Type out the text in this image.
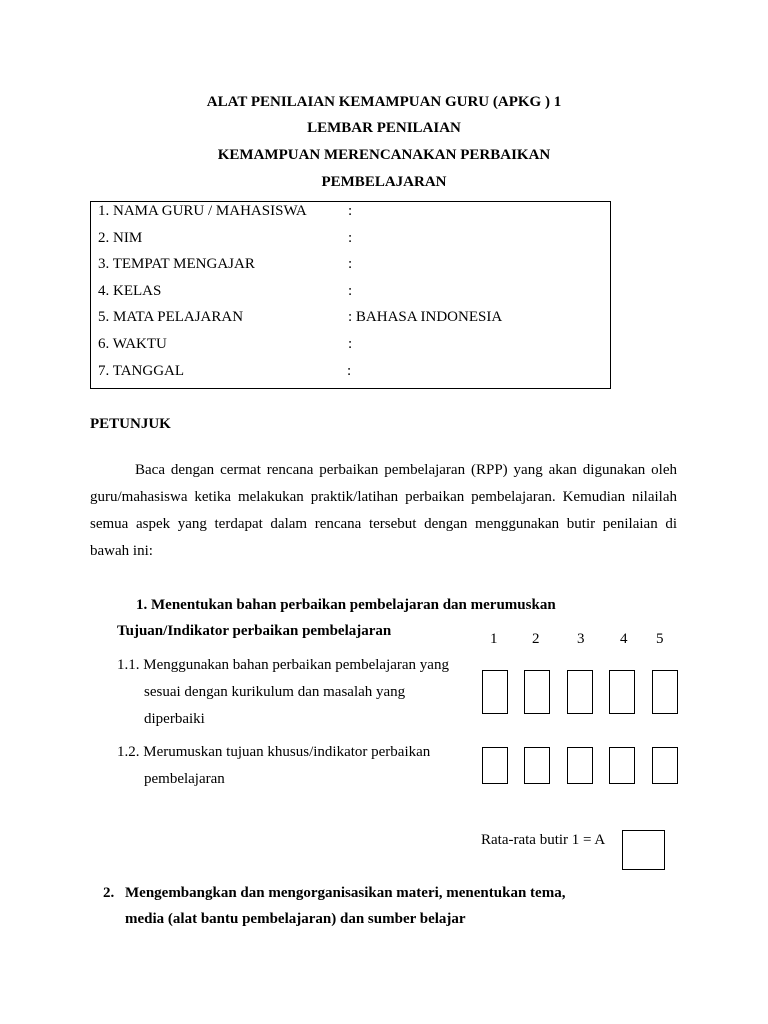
ALAT PENILAIAN KEMAMPUAN GURU (APKG ) 1
LEMBAR PENILAIAN
KEMAMPUAN MERENCANAKAN PERBAIKAN
PEMBELAJARAN
1. NAMA GURU / MAHASISWA	:
2. NIM	:
3. TEMPAT MENGAJAR	:
4. KELAS	:
5. MATA PELAJARAN	: BAHASA INDONESIA
6. WAKTU	:
7. TANGGAL	:
PETUNJUK
Baca dengan cermat rencana perbaikan pembelajaran (RPP) yang akan digunakan oleh
guru/mahasiswa ketika melakukan praktik/latihan perbaikan pembelajaran. Kemudian nilailah
semua aspek yang terdapat dalam rencana tersebut dengan menggunakan butir penilaian di
bawah ini:
1. Menentukan bahan perbaikan pembelajaran dan merumuskan
Tujuan/Indikator perbaikan pembelajaran	1 2	3 4 5
1.1. Menggunakan bahan perbaikan pembelajaran yang
sesuai dengan kurikulum dan masalah yang
diperbaiki
1.2. Merumuskan tujuan khusus/indikator perbaikan
pembelajaran
Rata-rata butir 1 = A
2. Mengembangkan dan mengorganisasikan materi, menentukan tema,
media (alat bantu pembelajaran) dan sumber belajar
